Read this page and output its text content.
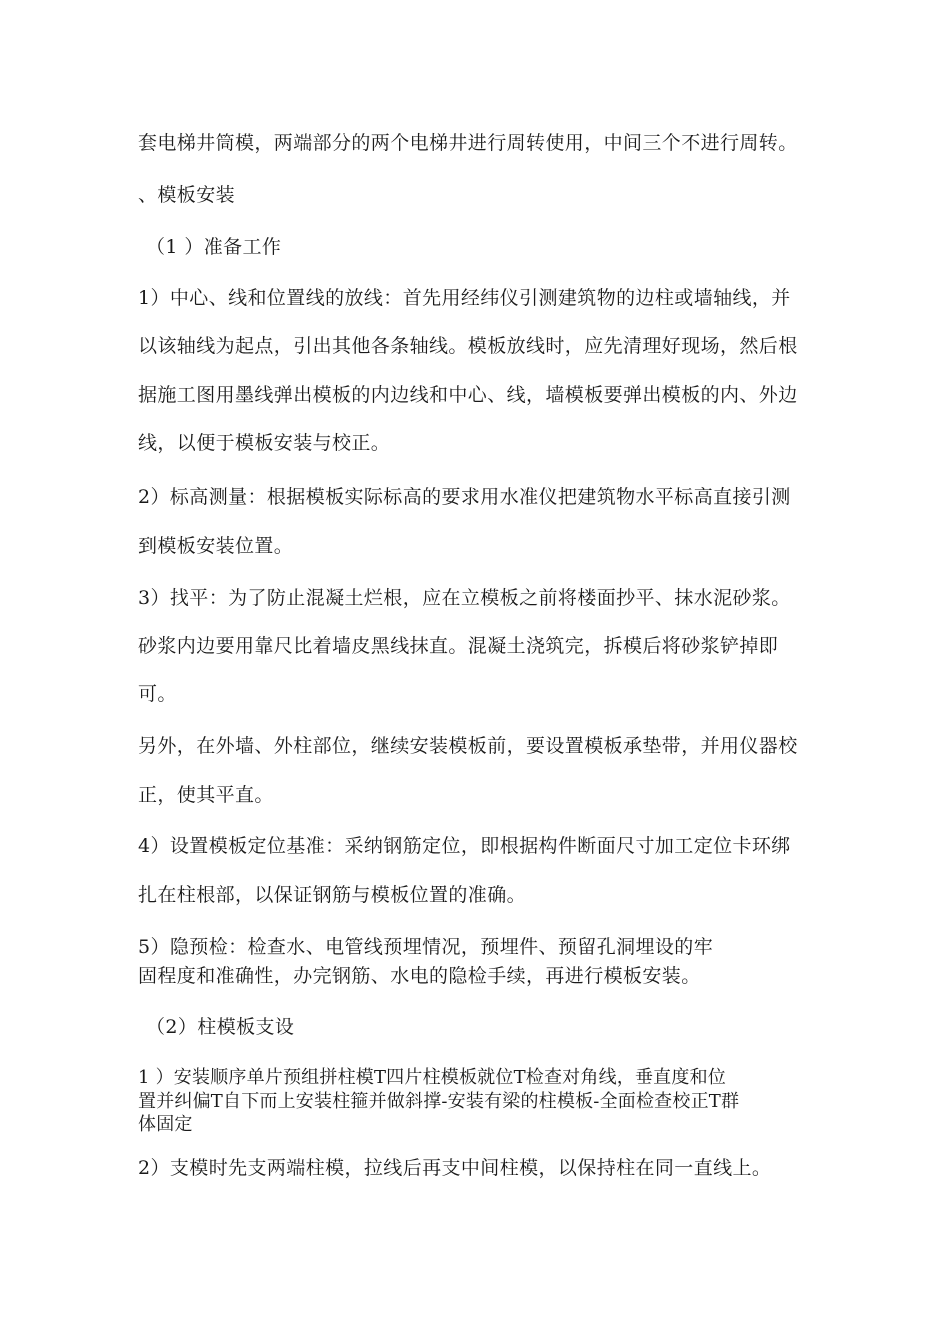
套电梯井筒模，两端部分的两个电梯井进行周转使用，中间三个不进行周转。
、模板安装
（1 ）准备工作
1）中心、线和位置线的放线：首先用经纬仪引测建筑物的边柱或墙轴线，并
以该轴线为起点，引出其他各条轴线。模板放线时，应先清理好现场，然后根
据施工图用墨线弹出模板的内边线和中心、线，墙模板要弹出模板的内、外边
线，以便于模板安装与校正。
2）标高测量：根据模板实际标高的要求用水准仪把建筑物水平标高直接引测
到模板安装位置。
3）找平：为了防止混凝土烂根，应在立模板之前将楼面抄平、抹水泥砂浆。
砂浆内边要用靠尺比着墙皮黑线抹直。混凝土浇筑完，拆模后将砂浆铲掉即
可。
另外，在外墙、外柱部位，继续安装模板前，要设置模板承垫带，并用仪器校
正，使其平直。
4）设置模板定位基准：采纳钢筋定位，即根据构件断面尺寸加工定位卡环绑
扎在柱根部，以保证钢筋与模板位置的准确。
5）隐预检：检查水、电管线预埋情况，预埋件、预留孔洞埋设的牢
固程度和准确性，办完钢筋、水电的隐检手续，再进行模板安装。
（2）柱模板支设
1 ）安装顺序单片预组拼柱模T四片柱模板就位T检查对角线，垂直度和位
置并纠偏T自下而上安装柱箍并做斜撑-安装有梁的柱模板-全面检查校正T群
体固定
2）支模时先支两端柱模，拉线后再支中间柱模，以保持柱在同一直线上。
